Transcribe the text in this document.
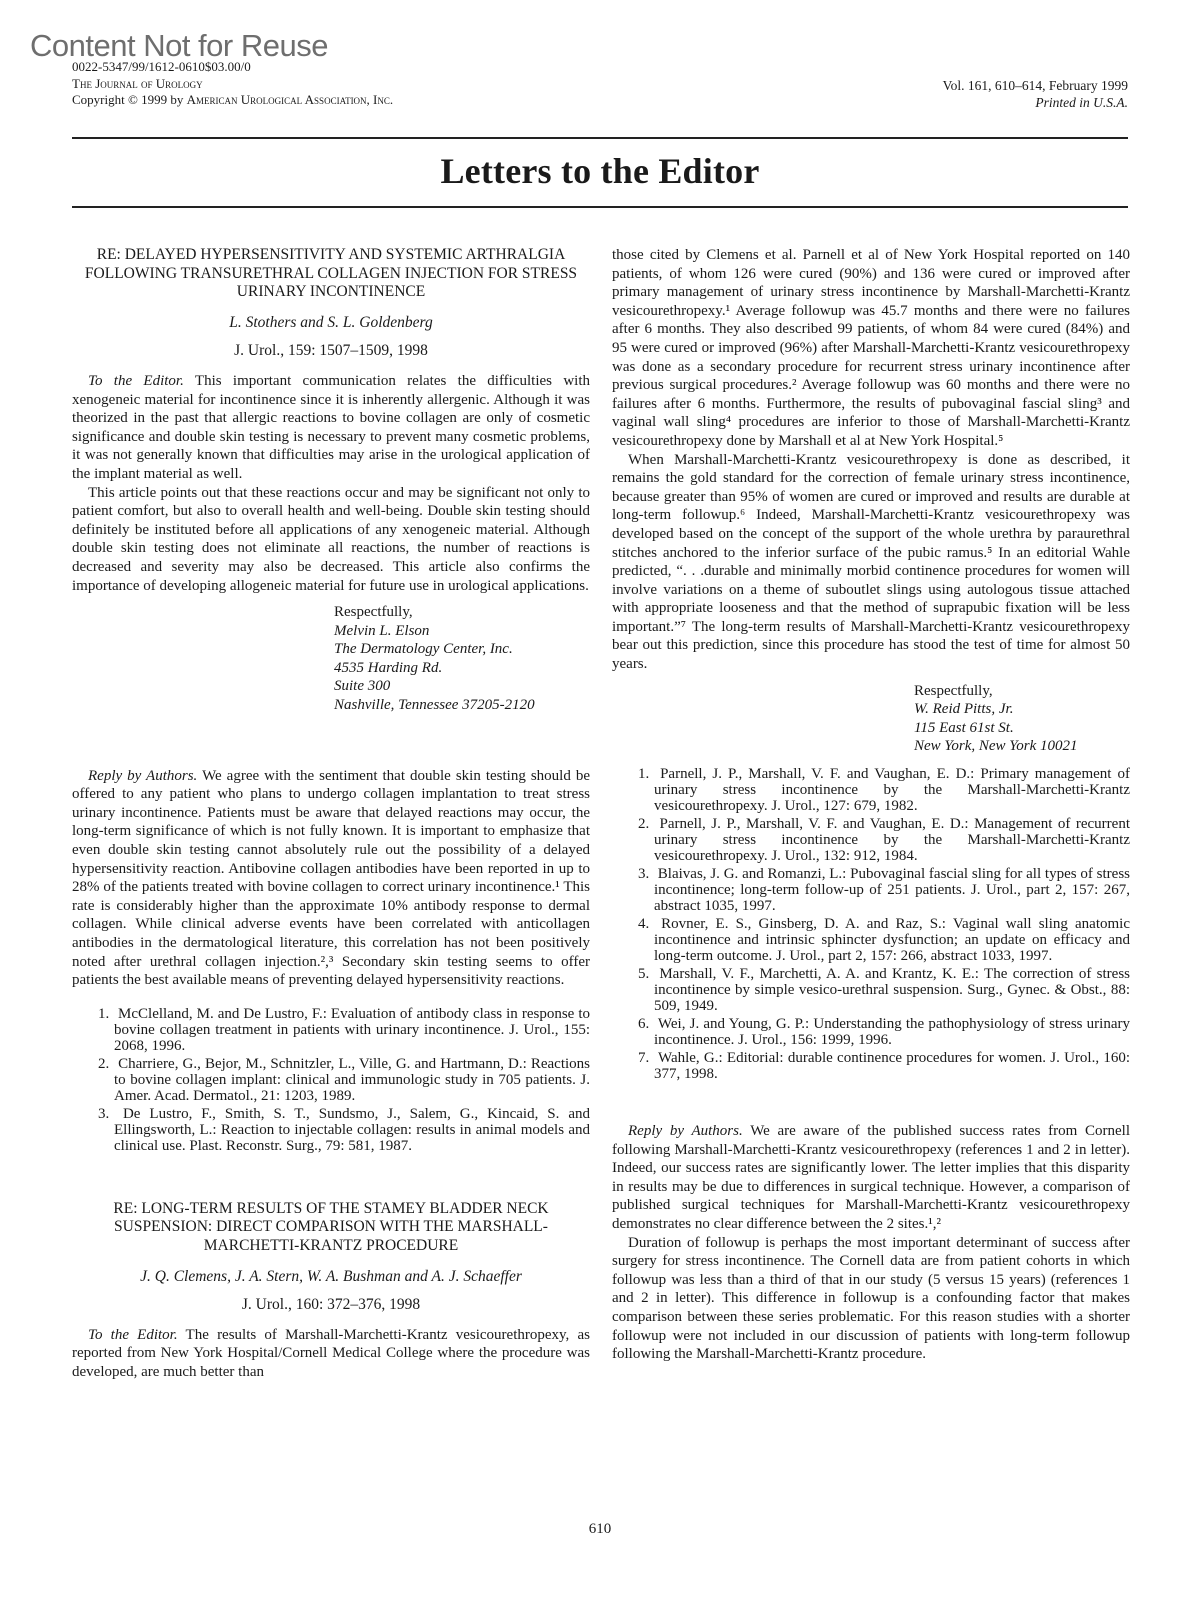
Content Not for Reuse
0022-5347/99/1612-0610$03.00/0
The Journal of Urology
Copyright © 1999 by American Urological Association, Inc.
Vol. 161, 610–614, February 1999
Printed in U.S.A.
Letters to the Editor
RE: DELAYED HYPERSENSITIVITY AND SYSTEMIC ARTHRALGIA FOLLOWING TRANSURETHRAL COLLAGEN INJECTION FOR STRESS URINARY INCONTINENCE
L. Stothers and S. L. Goldenberg
J. Urol., 159: 1507–1509, 1998

To the Editor. This important communication relates the difficulties with xenogeneic material for incontinence since it is inherently allergenic. Although it was theorized in the past that allergic reactions to bovine collagen are only of cosmetic significance and double skin testing is necessary to prevent many cosmetic problems, it was not generally known that difficulties may arise in the urological application of the implant material as well.

This article points out that these reactions occur and may be significant not only to patient comfort, but also to overall health and well-being. Double skin testing should definitely be instituted before all applications of any xenogeneic material. Although double skin testing does not eliminate all reactions, the number of reactions is decreased and severity may also be decreased. This article also confirms the importance of developing allogeneic material for future use in urological applications.

Respectfully,
Melvin L. Elson
The Dermatology Center, Inc.
4535 Harding Rd.
Suite 300
Nashville, Tennessee 37205-2120

Reply by Authors. We agree with the sentiment that double skin testing should be offered to any patient who plans to undergo collagen implantation to treat stress urinary incontinence. Patients must be aware that delayed reactions may occur, the long-term significance of which is not fully known. It is important to emphasize that even double skin testing cannot absolutely rule out the possibility of a delayed hypersensitivity reaction. Antibovine collagen antibodies have been reported in up to 28% of the patients treated with bovine collagen to correct urinary incontinence.¹ This rate is considerably higher than the approximate 10% antibody response to dermal collagen. While clinical adverse events have been correlated with anticollagen antibodies in the dermatological literature, this correlation has not been positively noted after urethral collagen injection.²,³ Secondary skin testing seems to offer patients the best available means of preventing delayed hypersensitivity reactions.

1. McClelland, M. and De Lustro, F.: Evaluation of antibody class in response to bovine collagen treatment in patients with urinary incontinence. J. Urol., 155: 2068, 1996.
2. Charriere, G., Bejor, M., Schnitzler, L., Ville, G. and Hartmann, D.: Reactions to bovine collagen implant: clinical and immunologic study in 705 patients. J. Amer. Acad. Dermatol., 21: 1203, 1989.
3. De Lustro, F., Smith, S. T., Sundsmo, J., Salem, G., Kincaid, S. and Ellingsworth, L.: Reaction to injectable collagen: results in animal models and clinical use. Plast. Reconstr. Surg., 79: 581, 1987.
RE: LONG-TERM RESULTS OF THE STAMEY BLADDER NECK SUSPENSION: DIRECT COMPARISON WITH THE MARSHALL-MARCHETTI-KRANTZ PROCEDURE
J. Q. Clemens, J. A. Stern, W. A. Bushman and A. J. Schaeffer
J. Urol., 160: 372–376, 1998

To the Editor. The results of Marshall-Marchetti-Krantz vesicourethropexy, as reported from New York Hospital/Cornell Medical College where the procedure was developed, are much better than

those cited by Clemens et al. Parnell et al of New York Hospital reported on 140 patients, of whom 126 were cured (90%) and 136 were cured or improved after primary management of urinary stress incontinence by Marshall-Marchetti-Krantz vesicourethropexy.¹ Average followup was 45.7 months and there were no failures after 6 months. They also described 99 patients, of whom 84 were cured (84%) and 95 were cured or improved (96%) after Marshall-Marchetti-Krantz vesicourethropexy was done as a secondary procedure for recurrent stress urinary incontinence after previous surgical procedures.² Average followup was 60 months and there were no failures after 6 months. Furthermore, the results of pubovaginal fascial sling³ and vaginal wall sling⁴ procedures are inferior to those of Marshall-Marchetti-Krantz vesicourethropexy done by Marshall et al at New York Hospital.⁵

When Marshall-Marchetti-Krantz vesicourethropexy is done as described, it remains the gold standard for the correction of female urinary stress incontinence, because greater than 95% of women are cured or improved and results are durable at long-term followup.⁶ Indeed, Marshall-Marchetti-Krantz vesicourethropexy was developed based on the concept of the support of the whole urethra by paraurethral stitches anchored to the inferior surface of the pubic ramus.⁵ In an editorial Wahle predicted, “. . .durable and minimally morbid continence procedures for women will involve variations on a theme of suboutlet slings using autologous tissue attached with appropriate looseness and that the method of suprapubic fixation will be less important.”⁷ The long-term results of Marshall-Marchetti-Krantz vesicourethropexy bear out this prediction, since this procedure has stood the test of time for almost 50 years.

Respectfully,
W. Reid Pitts, Jr.
115 East 61st St.
New York, New York 10021
1. Parnell, J. P., Marshall, V. F. and Vaughan, E. D.: Primary management of urinary stress incontinence by the Marshall-Marchetti-Krantz vesicourethropexy. J. Urol., 127: 679, 1982.
2. Parnell, J. P., Marshall, V. F. and Vaughan, E. D.: Management of recurrent urinary stress incontinence by the Marshall-Marchetti-Krantz vesicourethropexy. J. Urol., 132: 912, 1984.
3. Blaivas, J. G. and Romanzi, L.: Pubovaginal fascial sling for all types of stress incontinence; long-term follow-up of 251 patients. J. Urol., part 2, 157: 267, abstract 1035, 1997.
4. Rovner, E. S., Ginsberg, D. A. and Raz, S.: Vaginal wall sling anatomic incontinence and intrinsic sphincter dysfunction; an update on efficacy and long-term outcome. J. Urol., part 2, 157: 266, abstract 1033, 1997.
5. Marshall, V. F., Marchetti, A. A. and Krantz, K. E.: The correction of stress incontinence by simple vesico-urethral suspension. Surg., Gynec. & Obst., 88: 509, 1949.
6. Wei, J. and Young, G. P.: Understanding the pathophysiology of stress urinary incontinence. J. Urol., 156: 1999, 1996.
7. Wahle, G.: Editorial: durable continence procedures for women. J. Urol., 160: 377, 1998.

Reply by Authors. We are aware of the published success rates from Cornell following Marshall-Marchetti-Krantz vesicourethropexy (references 1 and 2 in letter). Indeed, our success rates are significantly lower. The letter implies that this disparity in results may be due to differences in surgical technique. However, a comparison of published surgical techniques for Marshall-Marchetti-Krantz vesicourethropexy demonstrates no clear difference between the 2 sites.¹,²

Duration of followup is perhaps the most important determinant of success after surgery for stress incontinence. The Cornell data are from patient cohorts in which followup was less than a third of that in our study (5 versus 15 years) (references 1 and 2 in letter). This difference in followup is a confounding factor that makes comparison between these series problematic. For this reason studies with a shorter followup were not included in our discussion of patients with long-term followup following the Marshall-Marchetti-Krantz procedure.

610
